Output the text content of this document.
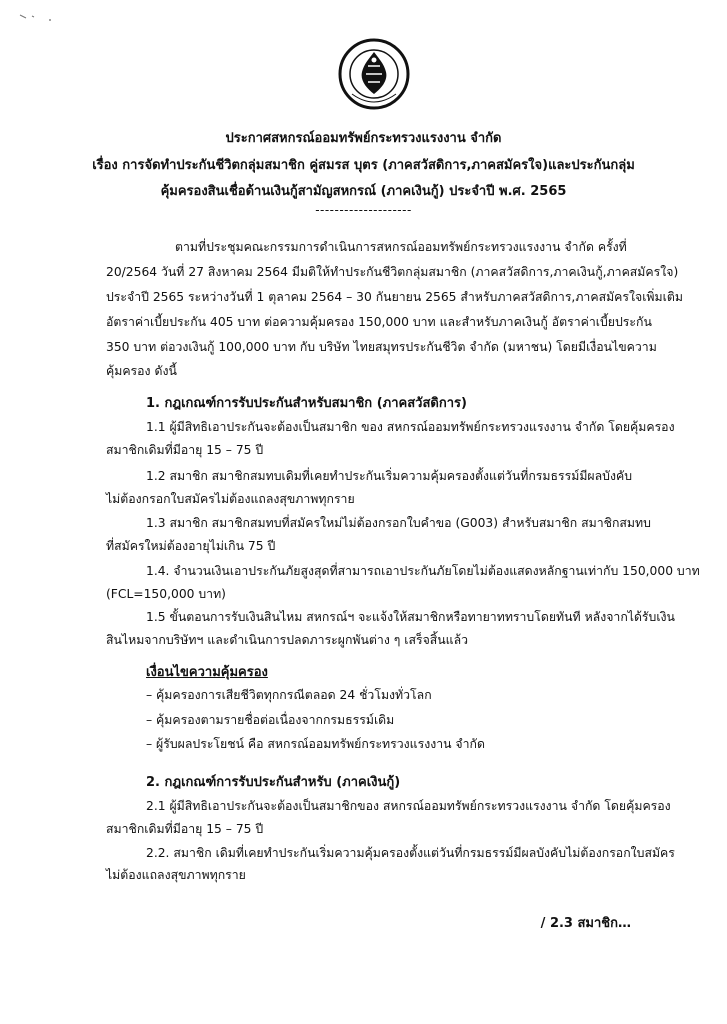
ประกาศสหกรณ์ออมทรัพย์กระทรวงแรงงาน จำกัด
เรื่อง การจัดทำประกันชีวิตกลุ่มสมาชิก คู่สมรส บุตร (ภาคสวัสดิการ,ภาคสมัครใจ)และประกันกลุ่ม
คุ้มครองสินเชื่อด้านเงินกู้สามัญสหกรณ์ (ภาคเงินกู้) ประจำปี พ.ศ. 2565
--------------------
ตามที่ประชุมคณะกรรมการดำเนินการสหกรณ์ออมทรัพย์กระทรวงแรงงาน จำกัด ครั้งที่
20/2564 วันที่ 27 สิงหาคม 2564 มีมติให้ทำประกันชีวิตกลุ่มสมาชิก (ภาคสวัสดิการ,ภาคเงินกู้,ภาคสมัครใจ)
ประจำปี 2565 ระหว่างวันที่ 1 ตุลาคม 2564 – 30 กันยายน 2565 สำหรับภาคสวัสดิการ,ภาคสมัครใจเพิ่มเติม
อัตราค่าเบี้ยประกัน 405 บาท ต่อความคุ้มครอง 150,000 บาท และสำหรับภาคเงินกู้ อัตราค่าเบี้ยประกัน
350 บาท ต่อวงเงินกู้ 100,000 บาท กับ บริษัท ไทยสมุทรประกันชีวิต จำกัด (มหาชน) โดยมีเงื่อนไขความ
คุ้มครอง ดังนี้
1. กฎเกณฑ์การรับประกันสำหรับสมาชิก (ภาคสวัสดิการ)
1.1 ผู้มีสิทธิเอาประกันจะต้องเป็นสมาชิก ของ สหกรณ์ออมทรัพย์กระทรวงแรงงาน จำกัด โดยคุ้มครอง
สมาชิกเดิมที่มีอายุ 15 – 75 ปี
1.2 สมาชิก สมาชิกสมทบเดิมที่เคยทำประกันเริ่มความคุ้มครองตั้งแต่วันที่กรมธรรม์มีผลบังคับ
ไม่ต้องกรอกใบสมัครไม่ต้องแถลงสุขภาพทุกราย
1.3 สมาชิก สมาชิกสมทบที่สมัครใหม่ไม่ต้องกรอกใบคำขอ (G003) สำหรับสมาชิก สมาชิกสมทบ
ที่สมัครใหม่ต้องอายุไม่เกิน 75 ปี
1.4. จำนวนเงินเอาประกันภัยสูงสุดที่สามารถเอาประกันภัยโดยไม่ต้องแสดงหลักฐานเท่ากับ 150,000 บาท
(FCL=150,000 บาท)
1.5 ขั้นตอนการรับเงินสินไหม สหกรณ์ฯ จะแจ้งให้สมาชิกหรือทายาททราบโดยทันที หลังจากได้รับเงิน
สินไหมจากบริษัทฯ และดำเนินการปลดภาระผูกพันต่าง ๆ เสร็จสิ้นแล้ว
เงื่อนไขความคุ้มครอง
– คุ้มครองการเสียชีวิตทุกกรณีตลอด 24 ชั่วโมงทั่วโลก
– คุ้มครองตามรายชื่อต่อเนื่องจากกรมธรรม์เดิม
– ผู้รับผลประโยชน์ คือ สหกรณ์ออมทรัพย์กระทรวงแรงงาน จำกัด
2. กฎเกณฑ์การรับประกันสำหรับ (ภาคเงินกู้)
2.1 ผู้มีสิทธิเอาประกันจะต้องเป็นสมาชิกของ สหกรณ์ออมทรัพย์กระทรวงแรงงาน จำกัด โดยคุ้มครอง
สมาชิกเดิมที่มีอายุ 15 – 75 ปี
2.2. สมาชิก เดิมที่เคยทำประกันเริ่มความคุ้มครองตั้งแต่วันที่กรมธรรม์มีผลบังคับไม่ต้องกรอกใบสมัคร
ไม่ต้องแถลงสุขภาพทุกราย
/ 2.3 สมาชิก…
